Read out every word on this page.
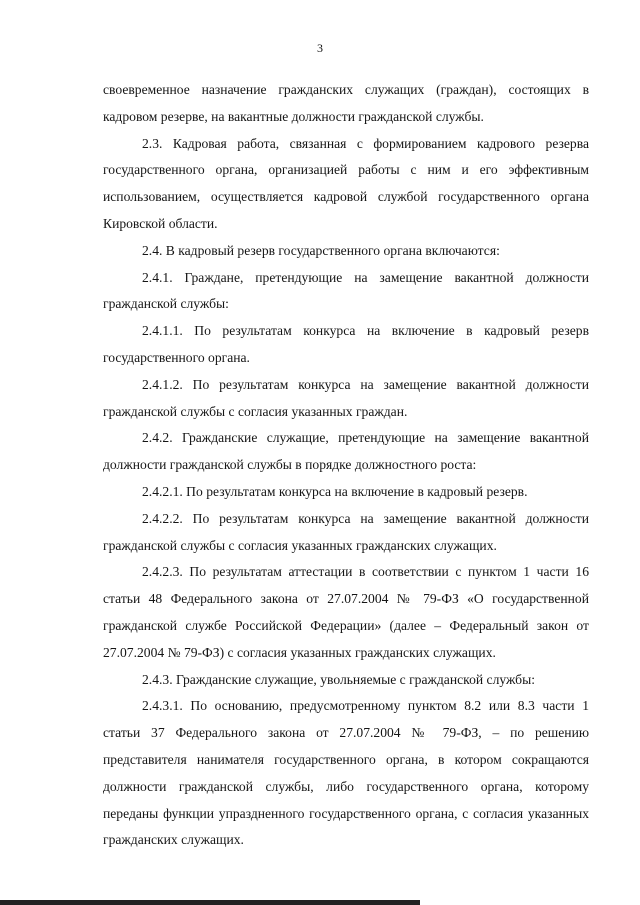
3

своевременное назначение гражданских служащих (граждан), состоящих в кадровом резерве, на вакантные должности гражданской службы.

2.3. Кадровая работа, связанная с формированием кадрового резерва государственного органа, организацией работы с ним и его эффективным использованием, осуществляется кадровой службой государственного органа Кировской области.

2.4. В кадровый резерв государственного органа включаются:

2.4.1. Граждане, претендующие на замещение вакантной должности гражданской службы:

2.4.1.1. По результатам конкурса на включение в кадровый резерв государственного органа.

2.4.1.2. По результатам конкурса на замещение вакантной должности гражданской службы с согласия указанных граждан.

2.4.2. Гражданские служащие, претендующие на замещение вакантной должности гражданской службы в порядке должностного роста:

2.4.2.1. По результатам конкурса на включение в кадровый резерв.

2.4.2.2. По результатам конкурса на замещение вакантной должности гражданской службы с согласия указанных гражданских служащих.

2.4.2.3. По результатам аттестации в соответствии с пунктом 1 части 16 статьи 48 Федерального закона от 27.07.2004 № 79-ФЗ «О государственной гражданской службе Российской Федерации» (далее – Федеральный закон от 27.07.2004 № 79-ФЗ) с согласия указанных гражданских служащих.

2.4.3. Гражданские служащие, увольняемые с гражданской службы:

2.4.3.1. По основанию, предусмотренному пунктом 8.2 или 8.3 части 1 статьи 37 Федерального закона от 27.07.2004 № 79-ФЗ, – по решению представителя нанимателя государственного органа, в котором сокращаются должности гражданской службы, либо государственного органа, которому переданы функции упраздненного государственного органа, с согласия указанных гражданских служащих.
